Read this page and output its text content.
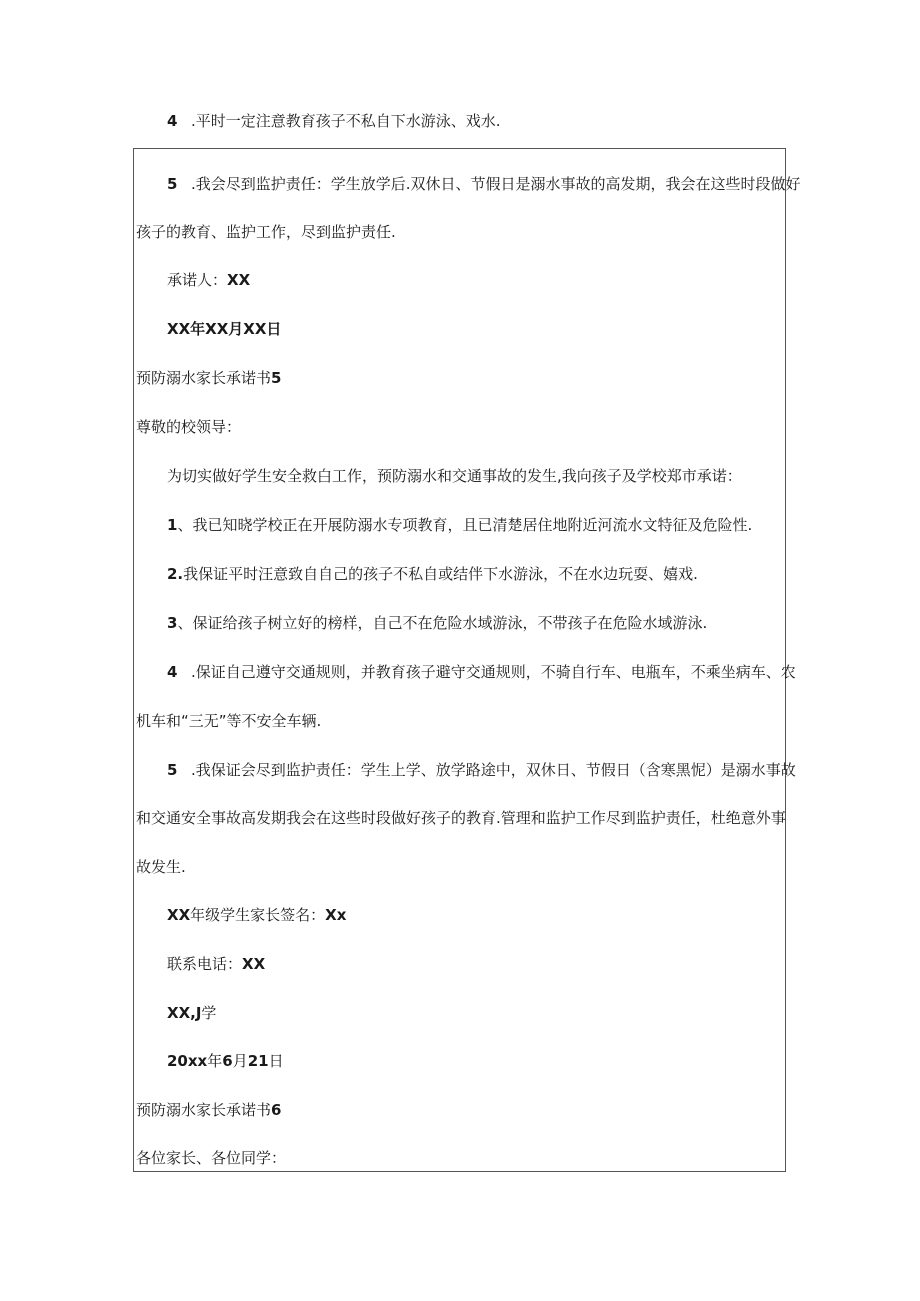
4 .平时一定注意教育孩子不私自下水游泳、戏水.
5 .我会尽到监护责任：学生放学后.双休日、节假日是溺水事故的高发期，我会在这些时段做好
孩子的教育、监护工作，尽到监护责任.
承诺人：XX
XX年XX月XX日
预防溺水家长承诺书5
尊敬的校领导：
为切实做好学生安全救白工作，预防溺水和交通事故的发生,我向孩子及学校郑市承诺：
1、我已知晓学校正在开展防溺水专项教育，且已清楚居住地附近河流水文特征及危险性.
2.我保证平时汪意致自自己的孩子不私自或结伴下水游泳，不在水边玩耍、嬉戏.
3、保证给孩子树立好的榜样，自己不在危险水域游泳，不带孩子在危险水域游泳.
4 .保证自己遵守交通规则，并教育孩子避守交通规则，不骑自行车、电瓶车，不乘坐病车、农
机车和“三无”等不安全车辆.
5 .我保证会尽到监护责任：学生上学、放学路途中，双休日、节假日（含寒黑怩）是溺水事故
和交通安全事故高发期我会在这些时段做好孩子的教育.管理和监护工作尽到监护责任，杜绝意外事
故发生.
XX年级学生家长签名：Xx
联系电话：XX
XX,J学
20xx年6月21日
预防溺水家长承诺书6
各位家长、各位同学：
